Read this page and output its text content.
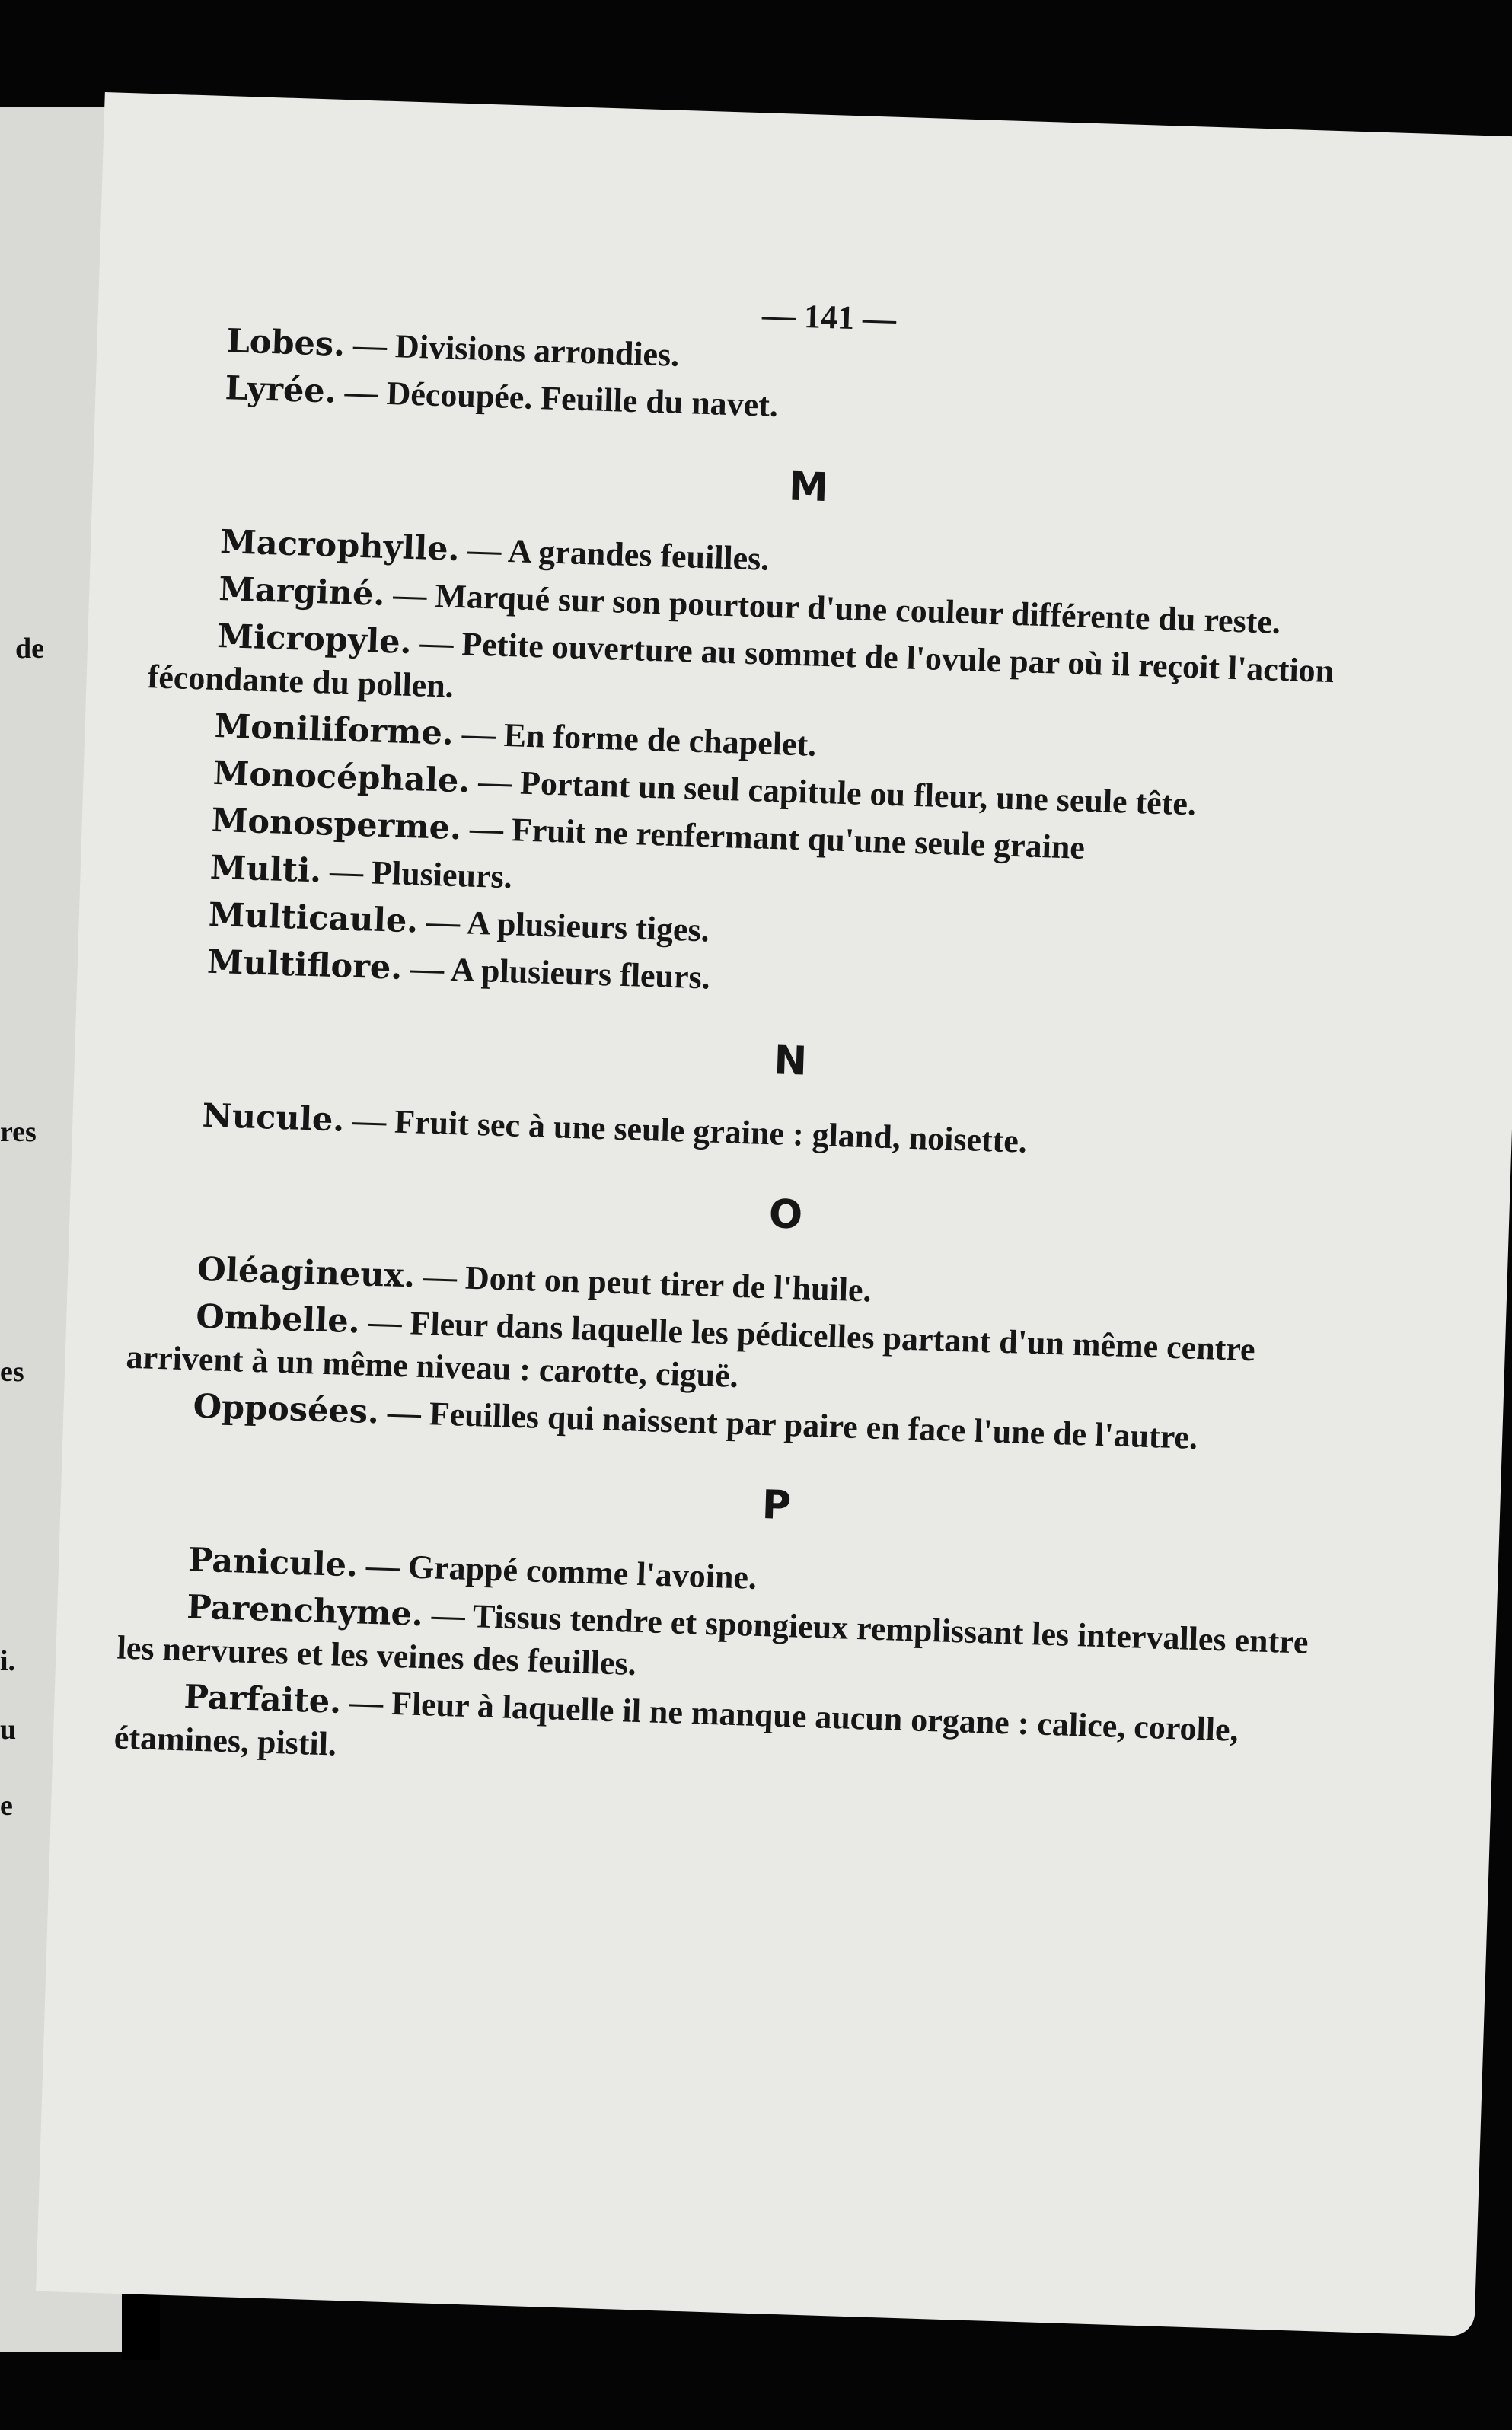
de
res
es
i.
u
e
— 141 —

Lobes. — Divisions arrondies.

Lyrée. — Découpée. Feuille du navet.

M

Macrophylle. — A grandes feuilles.

Marginé. — Marqué sur son pourtour d'une couleur différente du reste.

Micropyle. — Petite ouverture au sommet de l'ovule par où il reçoit l'action fécondante du pollen.

Moniliforme. — En forme de chapelet.

Monocéphale. — Portant un seul capitule ou fleur, une seule tête.

Monosperme. — Fruit ne renfermant qu'une seule graine

Multi. — Plusieurs.

Multicaule. — A plusieurs tiges.

Multiflore. — A plusieurs fleurs.

N

Nucule. — Fruit sec à une seule graine : gland, noisette.

O

Oléagineux. — Dont on peut tirer de l'huile.

Ombelle. — Fleur dans laquelle les pédicelles partant d'un même centre arrivent à un même niveau : carotte, ciguë.

Opposées. — Feuilles qui naissent par paire en face l'une de l'autre.

P

Panicule. — Grappé comme l'avoine.

Parenchyme. — Tissus tendre et spongieux remplissant les intervalles entre les nervures et les veines des feuilles.

Parfaite. — Fleur à laquelle il ne manque aucun organe : calice, corolle, étamines, pistil.
